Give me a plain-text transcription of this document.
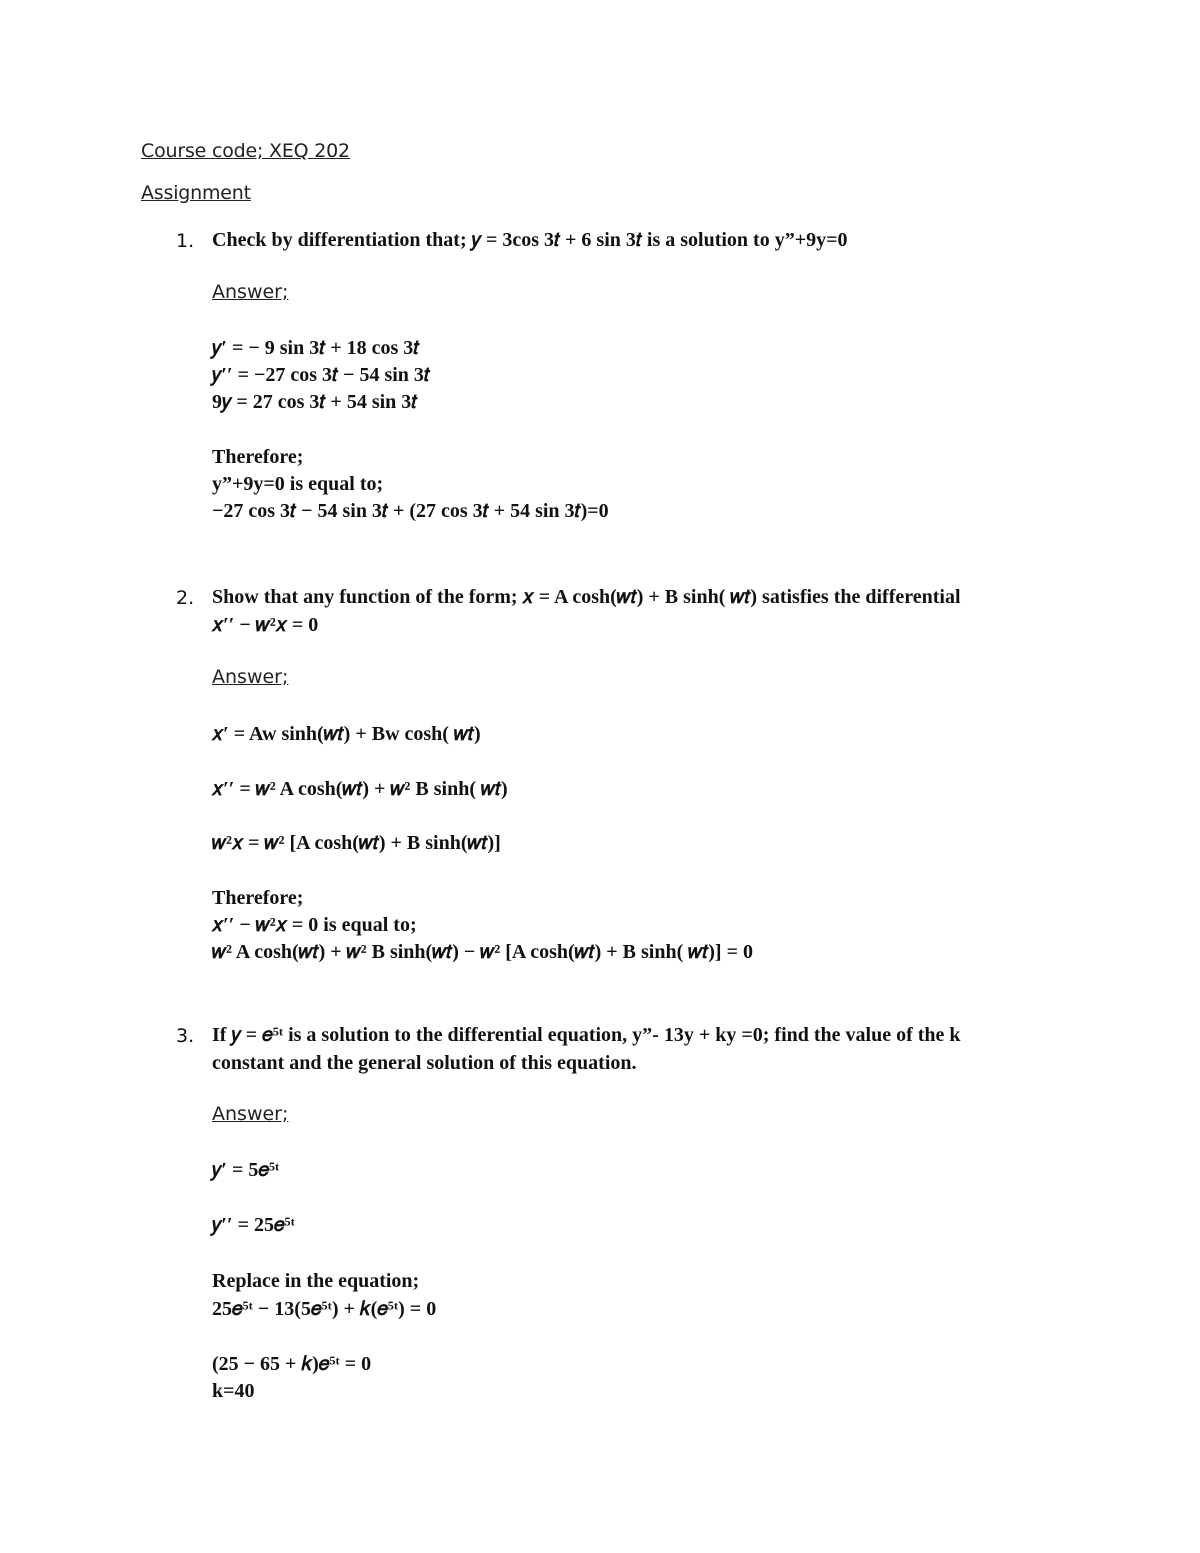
Course code; XEQ 202
Assignment
1. Check by differentiation that; 𝑦 = 3cos 3𝑡 + 6 sin 3𝑡 is a solution to y”+9y=0
Answer;
𝑦′ = − 9 sin 3𝑡 + 18 cos 3𝑡
𝑦′′ = −27 cos 3𝑡 − 54 sin 3𝑡
9𝑦 = 27 cos 3𝑡 + 54 sin 3𝑡
Therefore;
y”+9y=0 is equal to;
−27 cos 3𝑡 − 54 sin 3𝑡 + (27 cos 3𝑡 + 54 sin 3𝑡)=0
2. Show that any function of the form; 𝑥 = A cosh(𝑤𝑡) + B sinh( 𝑤𝑡) satisfies the differential
𝑥′′ − 𝑤²𝑥 = 0
Answer;
𝑥′ = Aw sinh(𝑤𝑡) + Bw cosh( 𝑤𝑡)
𝑥′′ = 𝑤² A cosh(𝑤𝑡) + 𝑤² B sinh( 𝑤𝑡)
𝑤²𝑥 = 𝑤² [A cosh(𝑤𝑡) + B sinh(𝑤𝑡)]
Therefore;
𝑥′′ − 𝑤²𝑥 = 0 is equal to;
𝑤² A cosh(𝑤𝑡) + 𝑤² B sinh(𝑤𝑡) − 𝑤² [A cosh(𝑤𝑡) + B sinh( 𝑤𝑡)] = 0
3. If 𝑦 = 𝑒⁵ᵗ is a solution to the differential equation, y”- 13y + ky =0; find the value of the k
constant and the general solution of this equation.
Answer;
𝑦′ = 5𝑒⁵ᵗ
𝑦′′ = 25𝑒⁵ᵗ
Replace in the equation;
25𝑒⁵ᵗ − 13(5𝑒⁵ᵗ) + 𝑘(𝑒⁵ᵗ) = 0
(25 − 65 + 𝑘)𝑒⁵ᵗ = 0
k=40
